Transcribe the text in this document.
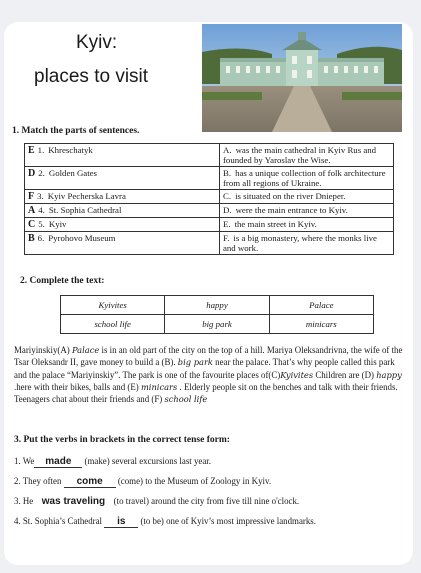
Kyiv:
places to visit
1. Match the parts of sentences.
E 1. Khreschatyk	A. was the main cathedral in Kyiv Rus and founded by Yaroslav the Wise.
D 2. Golden Gates	B. has a unique collection of folk architecture from all regions of Ukraine.
F 3. Kyiv Pecherska Lavra	C. is situated on the river Dnieper.
A 4. St. Sophia Cathedral	D. were the main entrance to Kyiv.
C 5. Kyiv	E. the main street in Kyiv.
B 6. Pyrohovo Museum	F. is a big monastery, where the monks live and work.
2. Complete the text:
Kyivites	happy	Palace
school life	big park	minicars
Mariyinskiy(A) Palace is in an old part of the city on the top of a hill. Mariya Oleksandrivna, the wife of the Tsar Oleksandr II, gave money to build a (B). big park near the palace. That’s why people called this park and the palace “Mariyinskiy”. The park is one of the favourite places of(C)Kyivites Children are (D) happy .here with their bikes, balls and (E) minicars . Elderly people sit on the benches and talk with their friends. Teenagers chat about their friends and (F) school life
3. Put the verbs in brackets in the correct tense form:
1. We made (make) several excursions last year.
2. They often come (come) to the Museum of Zoology in Kyiv.
3. He was traveling (to travel) around the city from five till nine o'clock.
4. St. Sophia’s Cathedral is (to be) one of Kyiv’s most impressive landmarks.
